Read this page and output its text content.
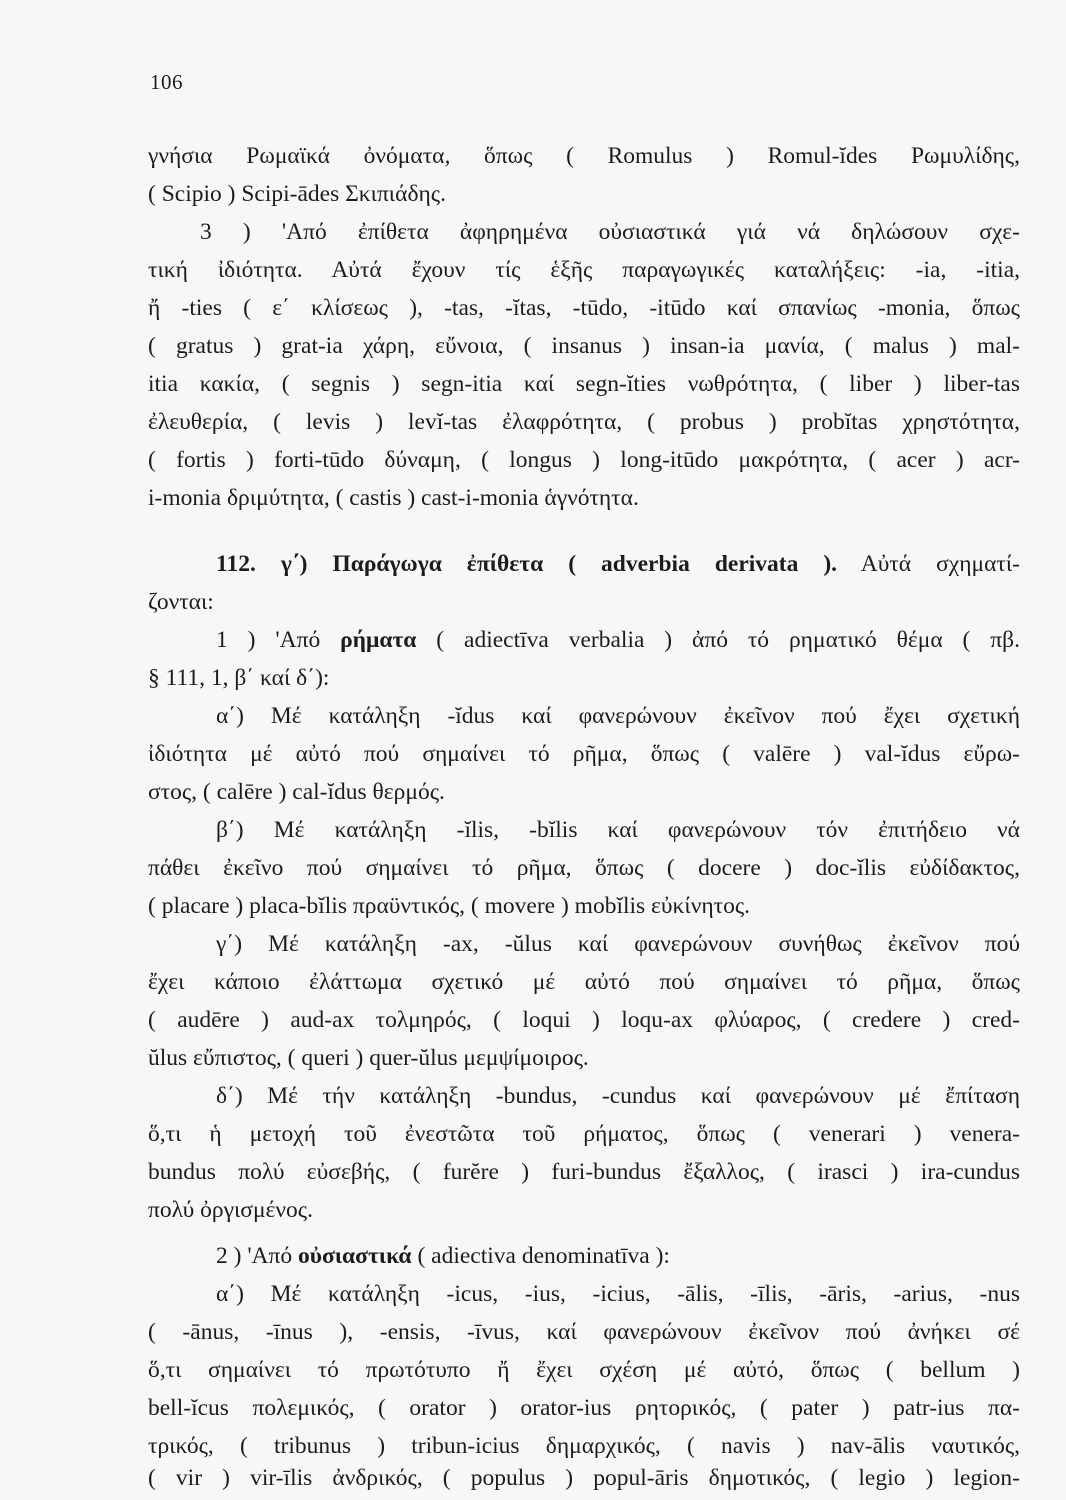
106
γνήσια Ρωμαϊκά ὀνόματα, ὅπως ( Romulus ) Romul-ĭdes Ρωμυλίδης,
( Scipio ) Scipi-ādes Σκιπιάδης.
3 ) 'Από ἐπίθετα ἀφηρημένα οὐσιαστικά γιά νά δηλώσουν σχε-
τική ἰδιότητα. Αὐτά ἔχουν τίς ἑξῆς παραγωγικές καταλήξεις: -ia, -itia,
ἤ -ties ( ε΄ κλίσεως ), -tas, -ĭtas, -tūdo, -itūdo καί σπανίως -monia, ὅπως
( gratus ) grat-ia χάρη, εὔνοια, ( insanus ) insan-ia μανία, ( malus ) mal-
itia κακία, ( segnis ) segn-itia καί segn-ĭties νωθρότητα, ( liber ) liber-tas
ἐλευθερία, ( levis ) levĭ-tas ἐλαφρότητα, ( probus ) probĭtas χρηστότητα,
( fortis ) forti-tūdo δύναμη, ( longus ) long-itūdo μακρότητα, ( acer ) acr-
i-monia δριμύτητα, ( castis ) cast-i-monia ἁγνότητα.
112. γ΄) Παράγωγα ἐπίθετα ( adverbia derivata ). Αὐτά σχηματί-
ζονται:
1 ) 'Από ρήματα ( adiectīva verbalia ) ἀπό τό ρηματικό θέμα ( πβ.
§ 111, 1, β΄ καί δ΄):
α΄) Μέ κατάληξη -ĭdus καί φανερώνουν ἐκεῖνον πού ἔχει σχετική
ἰδιότητα μέ αὐτό πού σημαίνει τό ρῆμα, ὅπως ( valēre ) val-ĭdus εὔρω-
στος, ( calēre ) cal-ĭdus θερμός.
β΄) Μέ κατάληξη -ĭlis, -bĭlis καί φανερώνουν τόν ἐπιτήδειο νά
πάθει ἐκεῖνο πού σημαίνει τό ρῆμα, ὅπως ( docere ) doc-ĭlis εὐδίδακτος,
( placare ) placa-bĭlis πραϋντικός, ( movere ) mobĭlis εὐκίνητος.
γ΄) Μέ κατάληξη -ax, -ŭlus καί φανερώνουν συνήθως ἐκεῖνον πού
ἔχει κάποιο ἐλάττωμα σχετικό μέ αὐτό πού σημαίνει τό ρῆμα, ὅπως
( audēre ) aud-ax τολμηρός, ( loqui ) loqu-ax φλύαρος, ( credere ) cred-
ŭlus εὔπιστος, ( queri ) quer-ŭlus μεμψίμοιρος.
δ΄) Μέ τήν κατάληξη -bundus, -cundus καί φανερώνουν μέ ἔπίταση
ὅ,τι ἡ μετοχή τοῦ ἐνεστῶτα τοῦ ρήματος, ὅπως ( venerari ) venera-
bundus πολύ εὐσεβής, ( furĕre ) furi-bundus ἔξαλλος, ( irasci ) ira-cundus
πολύ ὀργισμένος.
2 ) 'Από οὐσιαστικά ( adiectiva denominatīva ):
α΄) Μέ κατάληξη -icus, -ius, -icius, -ālis, -īlis, -āris, -arius, -nus
( -ānus, -īnus ), -ensis, -īvus, καί φανερώνουν ἐκεῖνον πού ἀνήκει σέ
ὅ,τι σημαίνει τό πρωτότυπο ἤ ἔχει σχέση μέ αὐτό, ὅπως ( bellum )
bell-ĭcus πολεμικός, ( orator ) orator-ius ρητορικός, ( pater ) patr-ius πα-
τρικός, ( tribunus ) tribun-icius δημαρχικός, ( navis ) nav-ālis ναυτικός,
( vir ) vir-īlis ἀνδρικός, ( populus ) popul-āris δημοτικός, ( legio ) legion-
